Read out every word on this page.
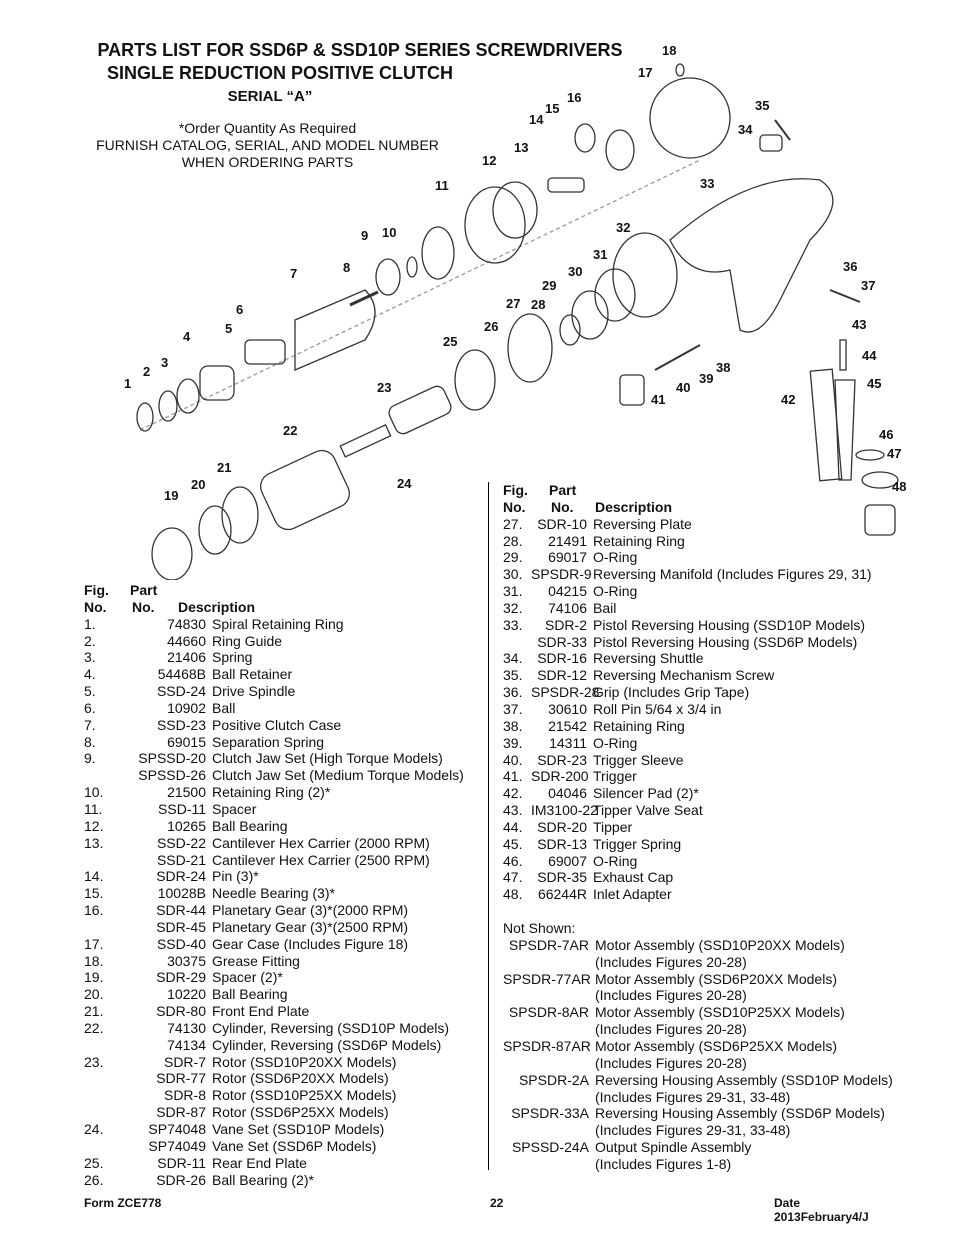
PARTS LIST FOR SSD6P & SSD10P SERIES SCREWDRIVERS
SINGLE REDUCTION POSITIVE CLUTCH
SERIAL “A”
*Order Quantity As Required
FURNISH CATALOG, SERIAL, AND MODEL NUMBER
WHEN ORDERING PARTS
1
2
3
4
5
6
7	8
9 10
11
12
13
14
15
16
17
18
19
20
21
22
23
24
25
26
27 28
29
30
31
32
33
34
35
36
37
38
39
40
41	42
43
44
45
46
47
48
Fig.	Part
No.	No.	Description
1.	74830 Spiral Retaining Ring
2.	44660 Ring Guide
3.	21406 Spring
4.	54468B Ball Retainer
5.	SSD-24 Drive Spindle
6.	10902 Ball
7.	SSD-23 Positive Clutch Case
8.	69015 Separation Spring
9.	SPSSD-20 Clutch Jaw Set (High Torque Models)
SPSSD-26 Clutch Jaw Set (Medium Torque Models)
10.	21500 Retaining Ring (2)*
11.	SSD-11 Spacer
12.	10265 Ball Bearing
13.	SSD-22 Cantilever Hex Carrier (2000 RPM)
SSD-21 Cantilever Hex Carrier (2500 RPM)
14.	SDR-24 Pin (3)*
15.	10028B Needle Bearing (3)*
16.	SDR-44 Planetary Gear (3)*(2000 RPM)
SDR-45 Planetary Gear (3)*(2500 RPM)
17.	SSD-40 Gear Case (Includes Figure 18)
18.	30375 Grease Fitting
19.	SDR-29 Spacer (2)*
20.	10220 Ball Bearing
21.	SDR-80 Front End Plate
22.	74130 Cylinder, Reversing (SSD10P Models)
74134 Cylinder, Reversing (SSD6P Models)
23.	SDR-7 Rotor (SSD10P20XX Models)
SDR-77 Rotor (SSD6P20XX Models)
SDR-8 Rotor (SSD10P25XX Models)
SDR-87 Rotor (SSD6P25XX Models)
24.	SP74048 Vane Set (SSD10P Models)
SP74049 Vane Set (SSD6P Models)
25.	SDR-11 Rear End Plate
26.	SDR-26 Ball Bearing (2)*
Fig.	Part
No.	No.	Description
27.	SDR-10 Reversing Plate
28.	21491 Retaining Ring
29.	69017 O-Ring
30. SPSDR-9 Reversing Manifold (Includes Figures 29, 31)
31.	04215 O-Ring
32.	74106 Bail
33.	SDR-2 Pistol Reversing Housing (SSD10P Models)
SDR-33 Pistol Reversing Housing (SSD6P Models)
34.	SDR-16 Reversing Shuttle
35.	SDR-12 Reversing Mechanism Screw
36. SPSDR-28
Grip (Includes Grip Tape)
37.	30610 Roll Pin 5/64 x 3/4 in
38.	21542 Retaining Ring
39.	14311 O-Ring
40.	SDR-23 Trigger Sleeve
41. SDR-200 Trigger
42.	04046 Silencer Pad (2)*
43. IM3100-22
Tipper Valve Seat
44.	SDR-20 Tipper
45.	SDR-13 Trigger Spring
46.	69007 O-Ring
47.	SDR-35 Exhaust Cap
48.	66244R Inlet Adapter
Not Shown:
SPSDR-7AR Motor Assembly (SSD10P20XX Models)
(Includes Figures 20-28)
SPSDR-77AR Motor Assembly (SSD6P20XX Models)
(Includes Figures 20-28)
SPSDR-8AR Motor Assembly (SSD10P25XX Models)
(Includes Figures 20-28)
SPSDR-87AR Motor Assembly (SSD6P25XX Models)
(Includes Figures 20-28)
SPSDR-2A Reversing Housing Assembly (SSD10P Models)
(Includes Figures 29-31, 33-48)
SPSDR-33A Reversing Housing Assembly (SSD6P Models)
(Includes Figures 29-31, 33-48)
SPSSD-24A Output Spindle Assembly
(Includes Figures 1-8)
Form ZCE778	22	Date 2013February4/J
